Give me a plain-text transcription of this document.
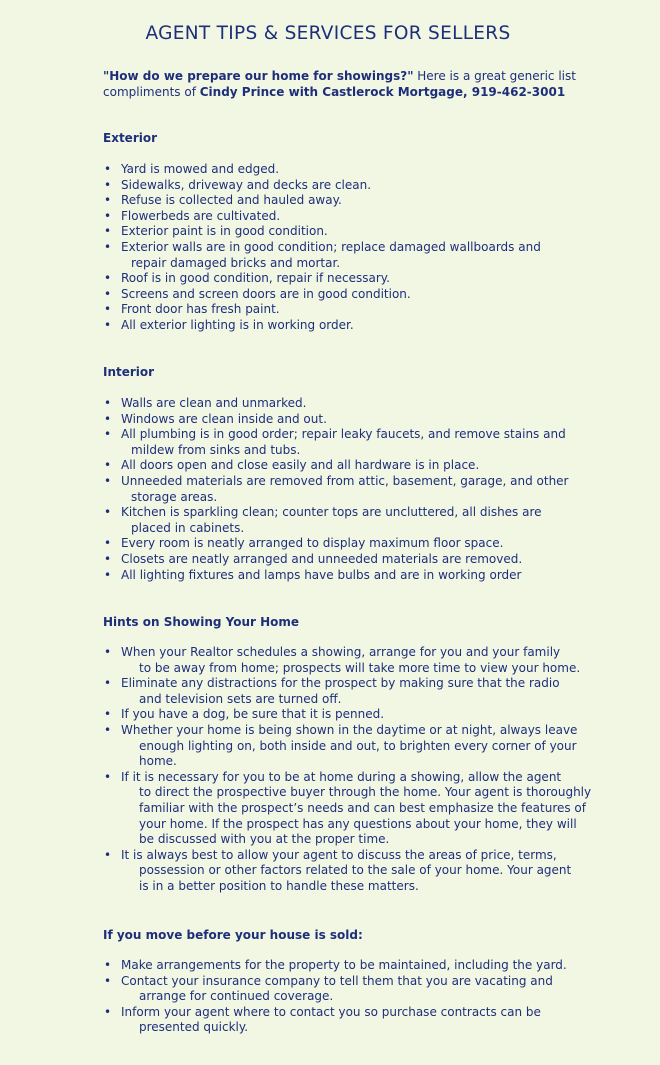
AGENT TIPS & SERVICES FOR SELLERS

"How do we prepare our home for showings?" Here is a great generic list
compliments of Cindy Prince with Castlerock Mortgage, 919-462-3001

Exterior
• Yard is mowed and edged.
• Sidewalks, driveway and decks are clean.
• Refuse is collected and hauled away.
• Flowerbeds are cultivated.
• Exterior paint is in good condition.
• Exterior walls are in good condition; replace damaged wallboards and

repair damaged bricks and mortar.
• Roof is in good condition, repair if necessary.
• Screens and screen doors are in good condition.
• Front door has fresh paint.
• All exterior lighting is in working order.
Interior
• Walls are clean and unmarked.
• Windows are clean inside and out.
• All plumbing is in good order; repair leaky faucets, and remove stains and

mildew from sinks and tubs.
• All doors open and close easily and all hardware is in place.
• Unneeded materials are removed from attic, basement, garage, and other

storage areas.
• Kitchen is sparkling clean; counter tops are uncluttered, all dishes are

placed in cabinets.
• Every room is neatly arranged to display maximum floor space.
• Closets are neatly arranged and unneeded materials are removed.
• All lighting fixtures and lamps have bulbs and are in working order
Hints on Showing Your Home
• When your Realtor schedules a showing, arrange for you and your family

to be away from home; prospects will take more time to view your home.
• Eliminate any distractions for the prospect by making sure that the radio

and television sets are turned off.
• If you have a dog, be sure that it is penned.
• Whether your home is being shown in the daytime or at night, always leave

enough lighting on, both inside and out, to brighten every corner of your
home.
• If it is necessary for you to be at home during a showing, allow the agent

to direct the prospective buyer through the home. Your agent is thoroughly
familiar with the prospect’s needs and can best emphasize the features of
your home. If the prospect has any questions about your home, they will
be discussed with you at the proper time.
• It is always best to allow your agent to discuss the areas of price, terms,

possession or other factors related to the sale of your home. Your agent
is in a better position to handle these matters.
If you move before your house is sold:
• Make arrangements for the property to be maintained, including the yard.
• Contact your insurance company to tell them that you are vacating and

arrange for continued coverage.
• Inform your agent where to contact you so purchase contracts can be

presented quickly.
